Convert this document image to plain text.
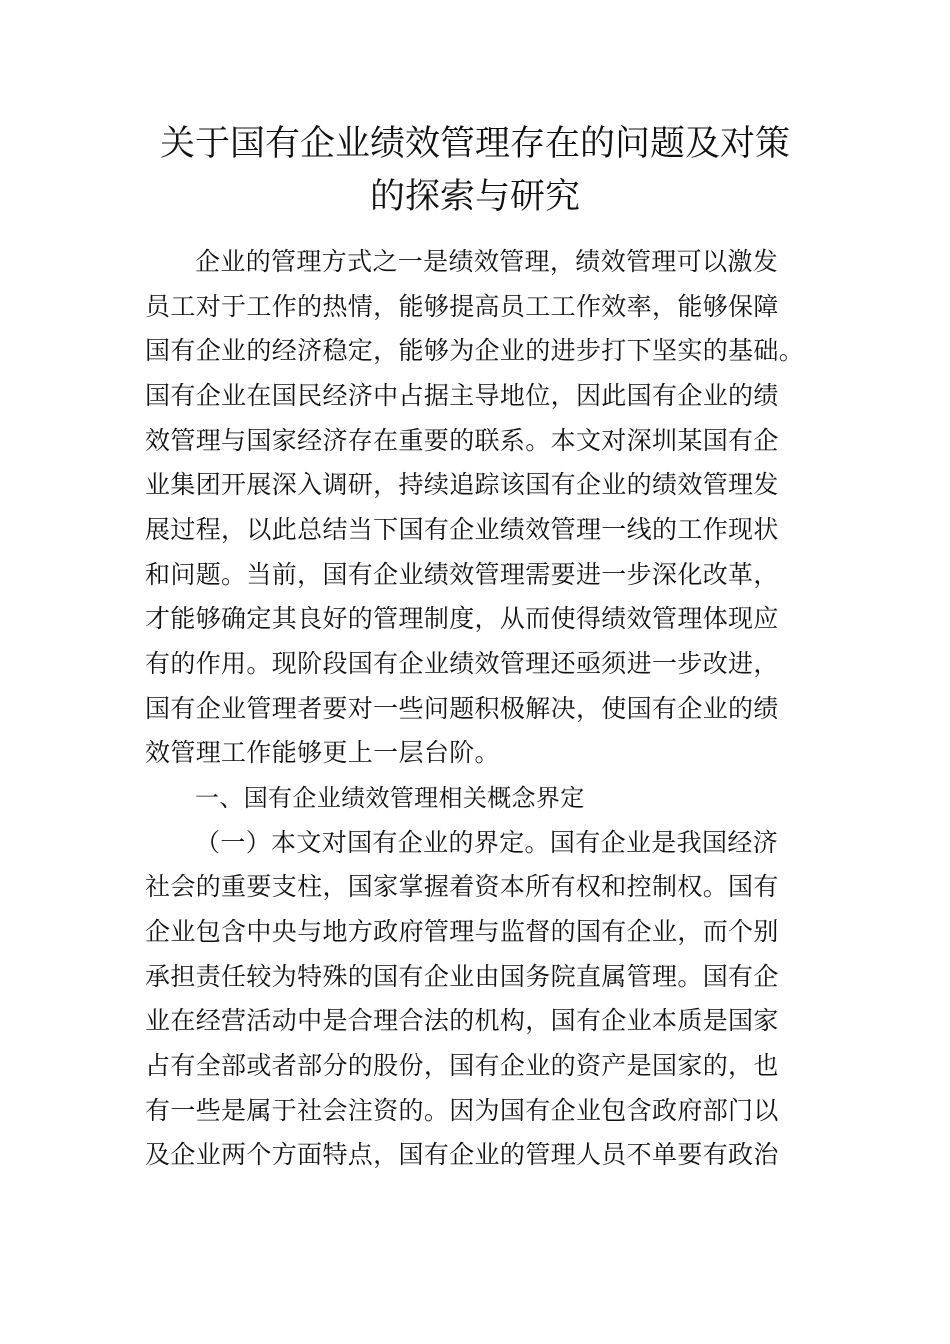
关于国有企业绩效管理存在的问题及对策
的探索与研究
企业的管理方式之一是绩效管理，绩效管理可以激发
员工对于工作的热情，能够提高员工工作效率，能够保障
国有企业的经济稳定，能够为企业的进步打下坚实的基础。
国有企业在国民经济中占据主导地位，因此国有企业的绩
效管理与国家经济存在重要的联系。本文对深圳某国有企
业集团开展深入调研，持续追踪该国有企业的绩效管理发
展过程，以此总结当下国有企业绩效管理一线的工作现状
和问题。当前，国有企业绩效管理需要进一步深化改革，
才能够确定其良好的管理制度，从而使得绩效管理体现应
有的作用。现阶段国有企业绩效管理还亟须进一步改进，
国有企业管理者要对一些问题积极解决，使国有企业的绩
效管理工作能够更上一层台阶。
一、国有企业绩效管理相关概念界定
（一）本文对国有企业的界定。国有企业是我国经济
社会的重要支柱，国家掌握着资本所有权和控制权。国有
企业包含中央与地方政府管理与监督的国有企业，而个别
承担责任较为特殊的国有企业由国务院直属管理。国有企
业在经营活动中是合理合法的机构，国有企业本质是国家
占有全部或者部分的股份，国有企业的资产是国家的，也
有一些是属于社会注资的。因为国有企业包含政府部门以
及企业两个方面特点，国有企业的管理人员不单要有政治
